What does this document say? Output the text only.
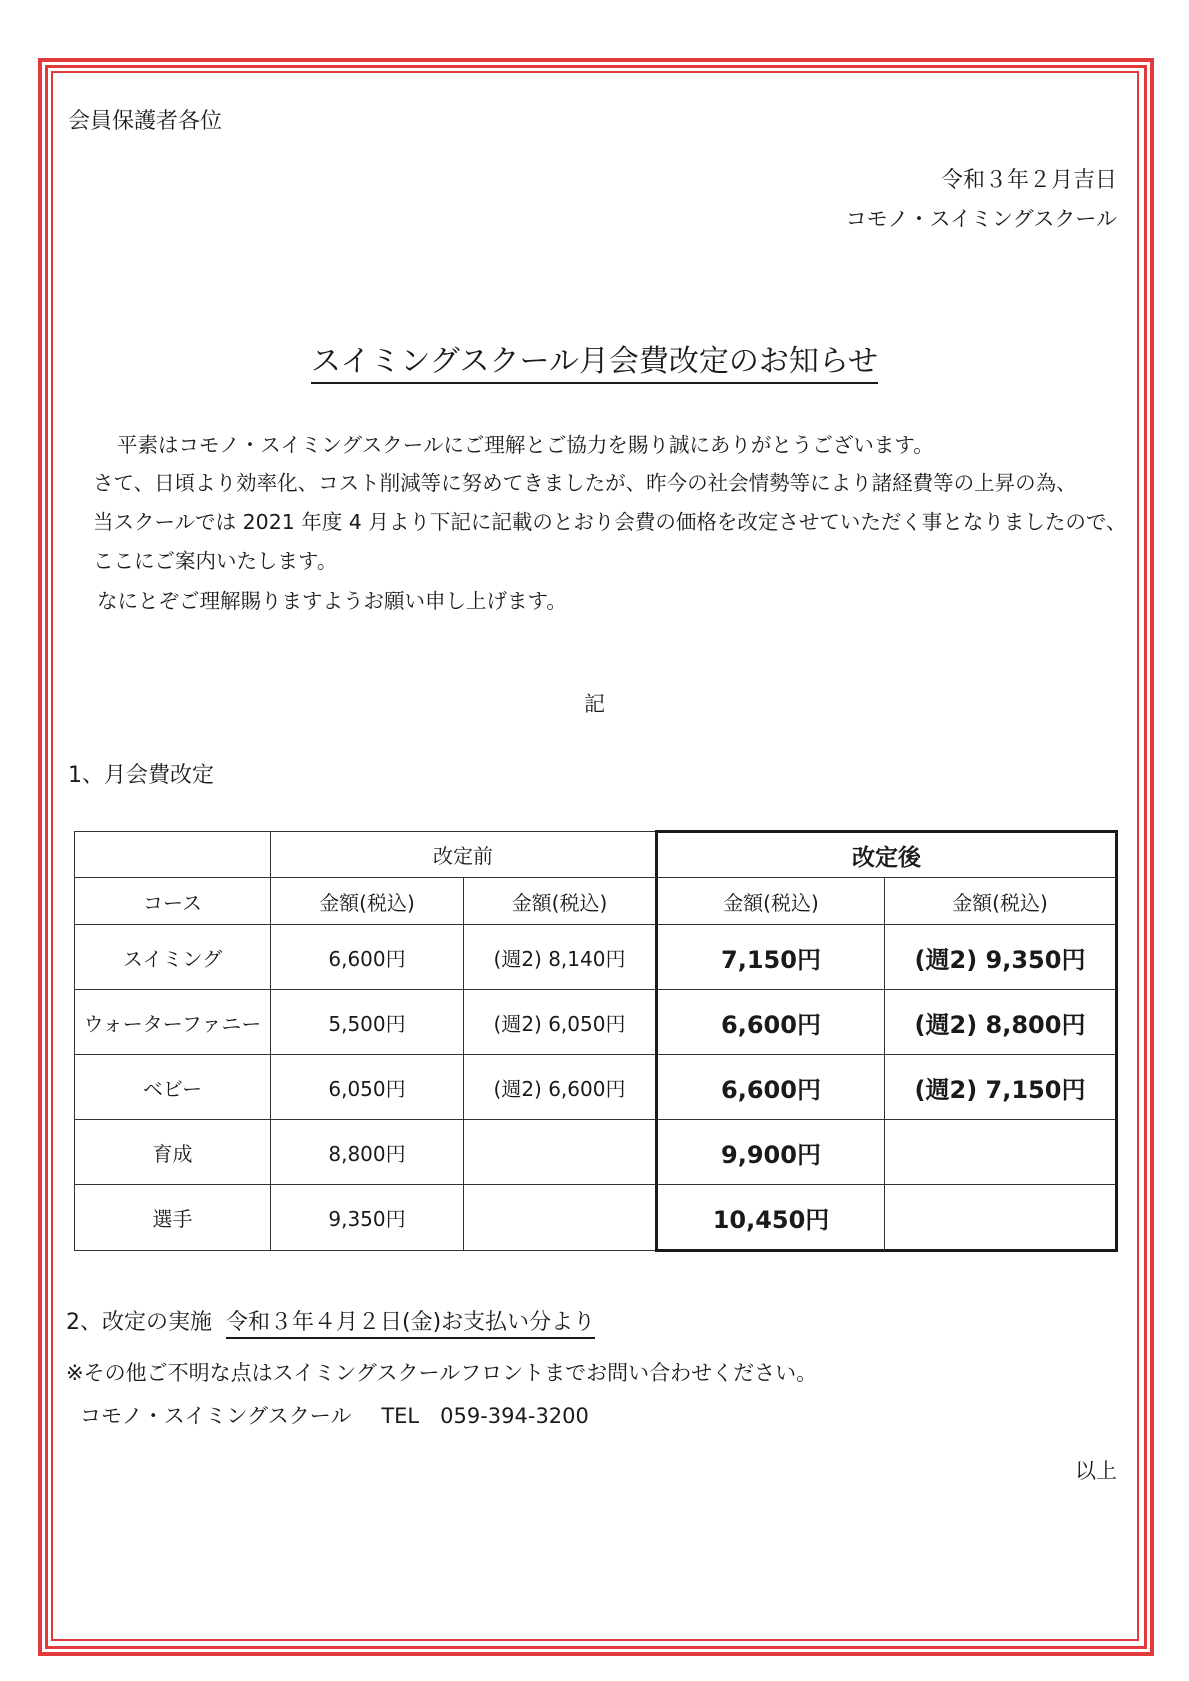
会員保護者各位
令和３年２月吉日
コモノ・スイミングスクール
スイミングスクール月会費改定のお知らせ
平素はコモノ・スイミングスクールにご理解とご協力を賜り誠にありがとうございます。
さて、日頃より効率化、コスト削減等に努めてきましたが、昨今の社会情勢等により諸経費等の上昇の為、
当スクールでは 2021 年度 4 月より下記に記載のとおり会費の価格を改定させていただく事となりましたので、
ここにご案内いたします。
なにとぞご理解賜りますようお願い申し上げます。
記
1、月会費改定
	改定前		改定後	
コース	金額(税込)	金額(税込)	金額(税込)	金額(税込)
スイミング	6,600円	(週2) 8,140円	7,150円	(週2) 9,350円
ウォーターファニー	5,500円	(週2) 6,050円	6,600円	(週2) 8,800円
ベビー	6,050円	(週2) 6,600円	6,600円	(週2) 7,150円
育成	8,800円		9,900円	
選手	9,350円		10,450円	
2、改定の実施 令和３年４月２日(金)お支払い分より
※その他ご不明な点はスイミングスクールフロントまでお問い合わせください。
コモノ・スイミングスクール TEL　059-394-3200
以上
